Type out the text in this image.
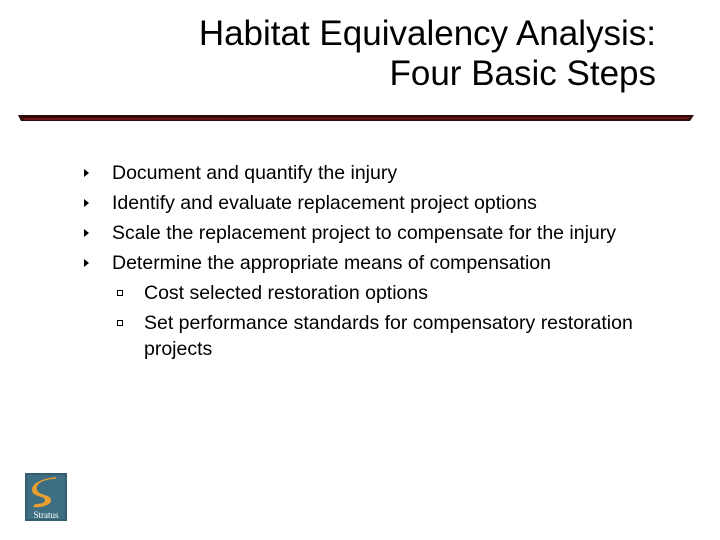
Habitat Equivalency Analysis:
Four Basic Steps
Document and quantify the injury
Identify and evaluate replacement project options
Scale the replacement project to compensate for the injury
Determine the appropriate means of compensation
Cost selected restoration options
Set performance standards for compensatory restoration projects
Stratus
